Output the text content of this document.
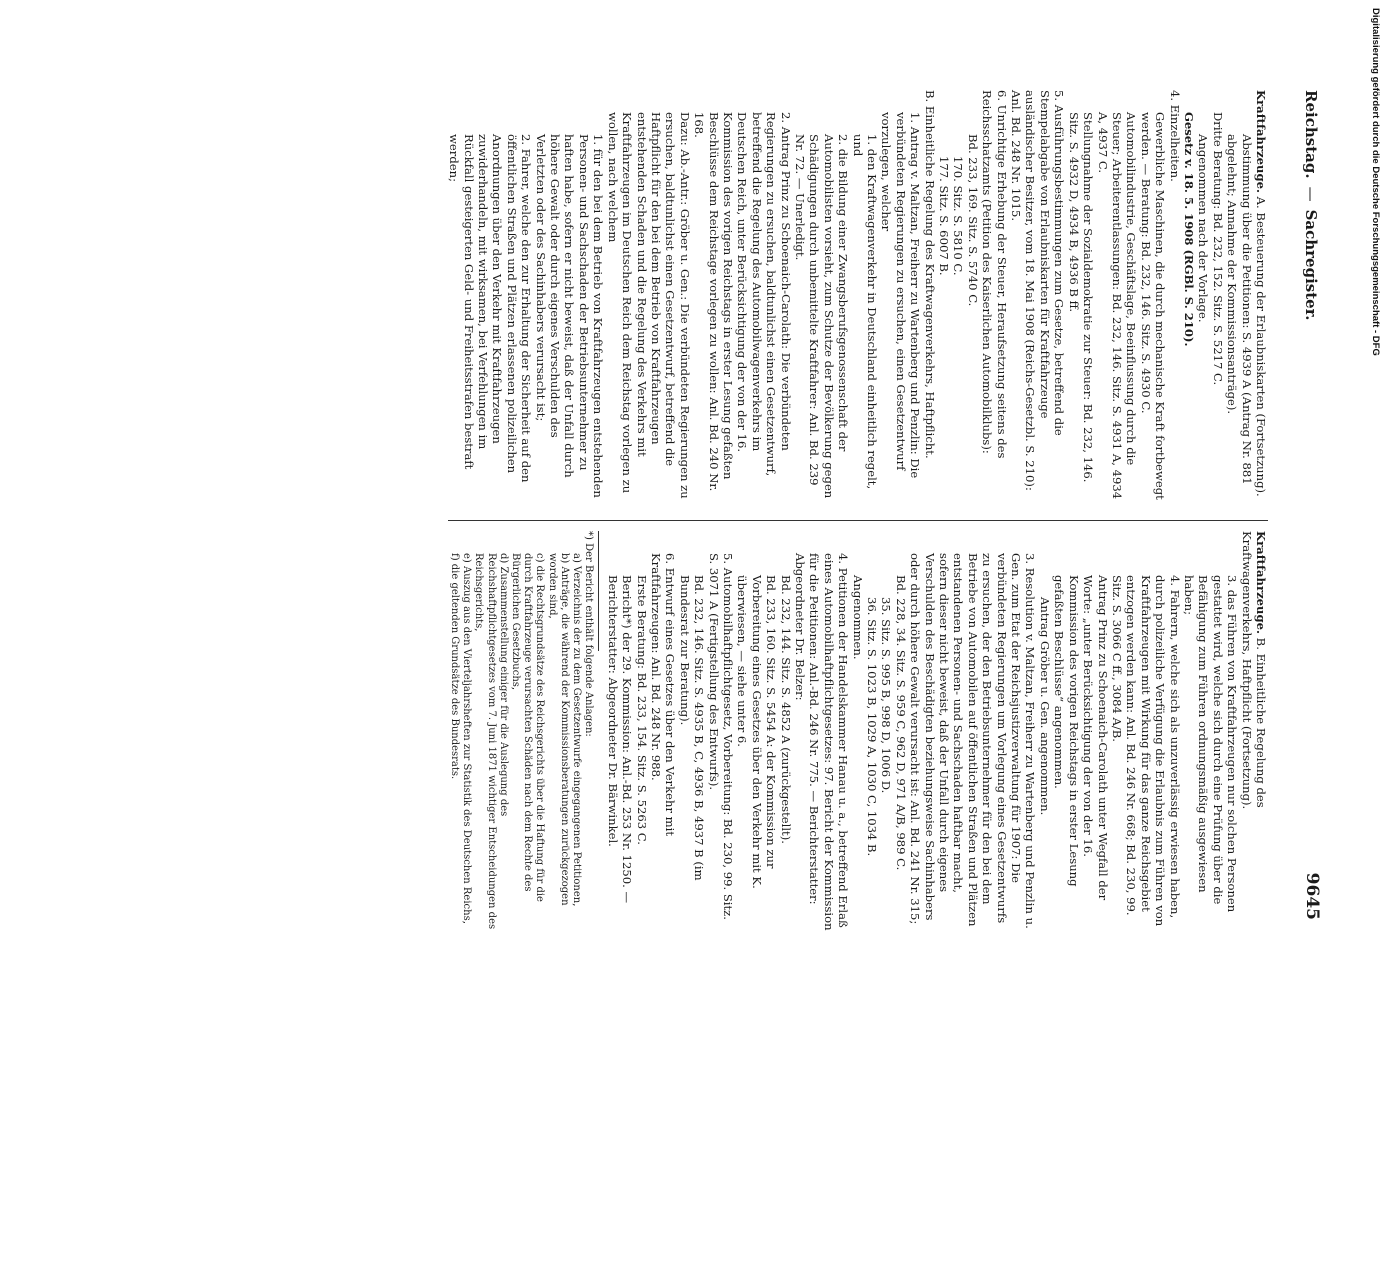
Reichstag.—Sachregister.
9645

Kraftfahrzeuge. A. Besteuerung der Erlaubniskarten (Fortsetzung).

Abstimmung über die Petitionen: S. 4939 A (Antrag Nr. 881 abgelehnt; Annahme der Kommissionsanträge).

Dritte Beratung: Bd. 232, 152. Sitz. S. 5217 C.

Angenommen nach der Vorlage.

Gesetz v. 18. 5. 1908 (RGBl. S. 210).

4. Einzelheiten.

Gewerbliche Maschinen, die durch mechanische Kraft fortbewegt werden. — Beratung: Bd. 232, 146. Sitz. S. 4930 C.

Automobilindustrie, Geschäftslage, Beeinflussung durch die Steuer; Arbeiterentlassungen: Bd. 232, 146. Sitz. S. 4931 A, 4934 A, 4937 C.

Stellungnahme der Sozialdemokratie zur Steuer: Bd. 232, 146. Sitz. S. 4932 D, 4934 B, 4936 B ff.

5. Ausführungsbestimmungen zum Gesetze, betreffend die Stempelabgabe von Erlaubniskarten für Kraftfahrzeuge ausländischer Besitzer, vom 18. Mai 1908 (Reichs-Gesetzbl. S. 210): Anl. Bd. 248 Nr. 1015.

6. Unrichtige Erhebung der Steuer, Heraufsetzung seitens des Reichsschatzamts (Petition des Kaiserlichen Automobilklubs):

Bd. 233, 169. Sitz. S. 5740 C.

170. Sitz. S. 5810 C.

177. Sitz. S. 6007 B.

B. Einheitliche Regelung des Kraftwagenverkehrs, Haftpflicht.

1. Antrag v. Maltzan, Freiherr zu Wartenberg und Penzlin: Die verbündeten Regierungen zu ersuchen, einen Gesetzentwurf vorzulegen, welcher

1. den Kraftwagenverkehr in Deutschland einheitlich regelt, und

2. die Bildung einer Zwangsberufsgenossenschaft der Automobilisten vorsieht, zum Schutze der Bevölkerung gegen Schädigungen durch unbemittelte Kraftfahrer: Anl. Bd. 239 Nr. 72. — Unerledigt.

2. Antrag Prinz zu Schoenaich-Carolath: Die verbündeten Regierungen zu ersuchen, baldtunlichst einen Gesetzentwurf, betreffend die Regelung des Automobilwagenverkehrs im Deutschen Reich, unter Berücksichtigung der von der 16. Kommission des vorigen Reichstags in erster Lesung gefaßten Beschlüsse dem Reichstage vorlegen zu wollen: Anl. Bd. 240 Nr. 168.

Dazu: Ab.-Antr.: Gröber u. Gen.: Die verbündeten Regierungen zu ersuchen, baldtunlichst einen Gesetzentwurf, betreffend die Haftpflicht für den bei dem Betrieb von Kraftfahrzeugen entstehenden Schaden und die Regelung des Verkehrs mit Kraftfahrzeugen im Deutschen Reich dem Reichstag vorlegen zu wollen, nach welchem

1. für den bei dem Betrieb von Kraftfahrzeugen entstehenden Personen- und Sachschaden der Betriebsunternehmer zu haften habe, sofern er nicht beweist, daß der Unfall durch höhere Gewalt oder durch eigenes Verschulden des Verletzten oder des Sachinhabers verursacht ist;

2. Fahrer, welche den zur Erhaltung der Sicherheit auf den öffentlichen Straßen und Plätzen erlassenen polizeilichen Anordnungen über den Verkehr mit Kraftfahrzeugen zuwiderhandeln, mit wirksamen, bei Verfehlungen im Rückfall gesteigerten Geld- und Freiheitsstrafen bestraft werden;

Kraftfahrzeuge. B. Einheitliche Regelung des Kraftwagenverkehrs, Haftpflicht (Fortsetzung).

3. das Führen von Kraftfahrzeugen nur solchen Personen gestattet wird, welche sich durch eine Prüfung über die Befähigung zum Führen ordnungsmäßig ausgewiesen haben;

4. Fahrern, welche sich als unzuverlässig erwiesen haben, durch polizeiliche Verfügung die Erlaubnis zum Führen von Kraftfahrzeugen mit Wirkung für das ganze Reichsgebiet entzogen werden kann: Anl. Bd. 246 Nr. 668; Bd. 230, 99. Sitz. S. 3066 C ff., 3084 A/B.

Antrag Prinz zu Schoenaich-Carolath unter Wegfall der Worte: „unter Berücksichtigung der von der 16. Kommission des vorigen Reichstags in erster Lesung gefaßten Beschlüsse“ angenommen.

Antrag Gröber u. Gen. angenommen.

3. Resolution v. Maltzan, Freiherr zu Wartenberg und Penzlin u. Gen. zum Etat der Reichsjustizverwaltung für 1907: Die verbündeten Regierungen um Vorlegung eines Gesetzentwurfs zu ersuchen, der den Betriebsunternehmer für den bei dem Betriebe von Automobilen auf öffentlichen Straßen und Plätzen entstandenen Personen- und Sachschaden haftbar macht, sofern dieser nicht beweist, daß der Unfall durch eigenes Verschulden des Beschädigten beziehungsweise Sachinhabers oder durch höhere Gewalt verursacht ist: Anl. Bd. 241 Nr. 315;

Bd. 228, 34. Sitz. S. 959 C, 962 D, 971 A/B, 989 C.

35. Sitz. S. 995 B, 998 D, 1006 D.

36. Sitz. S. 1023 B, 1029 A, 1030 C, 1034 B.

Angenommen.

4. Petitionen der Handelskammer Hanau u. a., betreffend Erlaß eines Automobilhaftpflichtgesetzes: 97. Bericht der Kommission für die Petitionen: Anl.-Bd. 246 Nr. 775. — Berichterstatter: Abgeordneter Dr. Belzer:

Bd. 232, 144. Sitz. S. 4852 A (zurückgestellt).

Bd. 233, 160. Sitz. S. 5454 A: der Kommission zur Vorbereitung eines Gesetzes über den Verkehr mit K. überwiesen, — siehe unter 6.

5. Automobilhaftpflichtgesetz, Vorbereitung: Bd. 230, 99. Sitz. S. 3071 A (Fertigstellung des Entwurfs).

Bd. 232, 146. Sitz. S. 4935 B, C, 4936 B, 4937 B (im Bundesrat zur Beratung).

6. Entwurf eines Gesetzes über den Verkehr mit Kraftfahrzeugen: Anl. Bd. 248 Nr. 988.

Erste Beratung: Bd. 233, 154. Sitz. S. 5263 C.

Bericht*) der 29. Kommission: Anl.-Bd. 253 Nr. 1250. — Berichterstatter: Abgeordneter Dr. Bärwinkel.

*) Der Bericht enthält folgende Anlagen:
a) Verzeichnis der zu dem Gesetzentwurfe eingegangenen Petitionen,
b) Anträge, die während der Kommissionsberatungen zurückgezogen worden sind,
c) die Rechtsgrundsätze des Reichsgerichts über die Haftung für die durch Kraftfahrzeuge verursachten Schäden nach dem Rechte des Bürgerlichen Gesetzbuchs,
d) Zusammenstellung einiger für die Auslegung des Reichshaftpflichtgesetzes vom 7. Juni 1871 wichtiger Entscheidungen des Reichsgerichts,
e) Auszug aus den Vierteljahrsheften zur Statistik des Deutschen Reichs,
f) die geltenden Grundsätze des Bundesrats.
Digitalisierung gefördert durch die Deutsche Forschungsgemeinschaft - DFG
